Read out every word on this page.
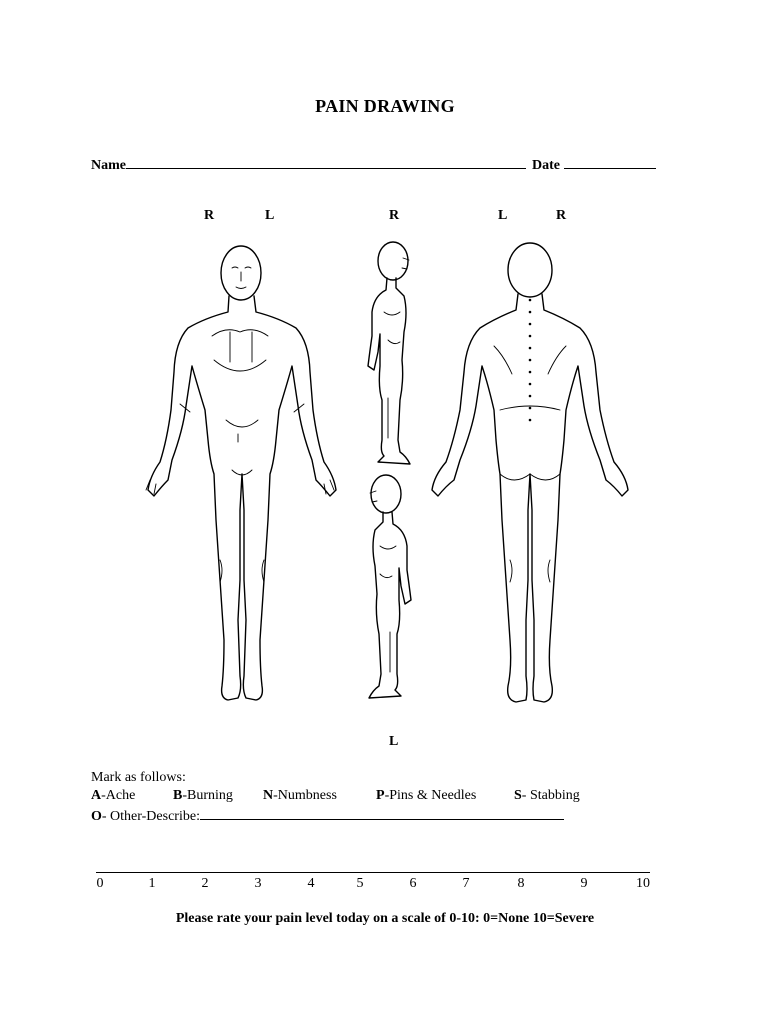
PAIN DRAWING
Name	Date
R	L	R	L	R
L
Mark as follows:
A-Ache	B-Burning N-Numbness	P-Pins & Needles	S- Stabbing
O- Other-Describe:
0	1	2	3	4	5	6	7	8	9	10
Please rate your pain level today on a scale of 0-10: 0=None 10=Severe
